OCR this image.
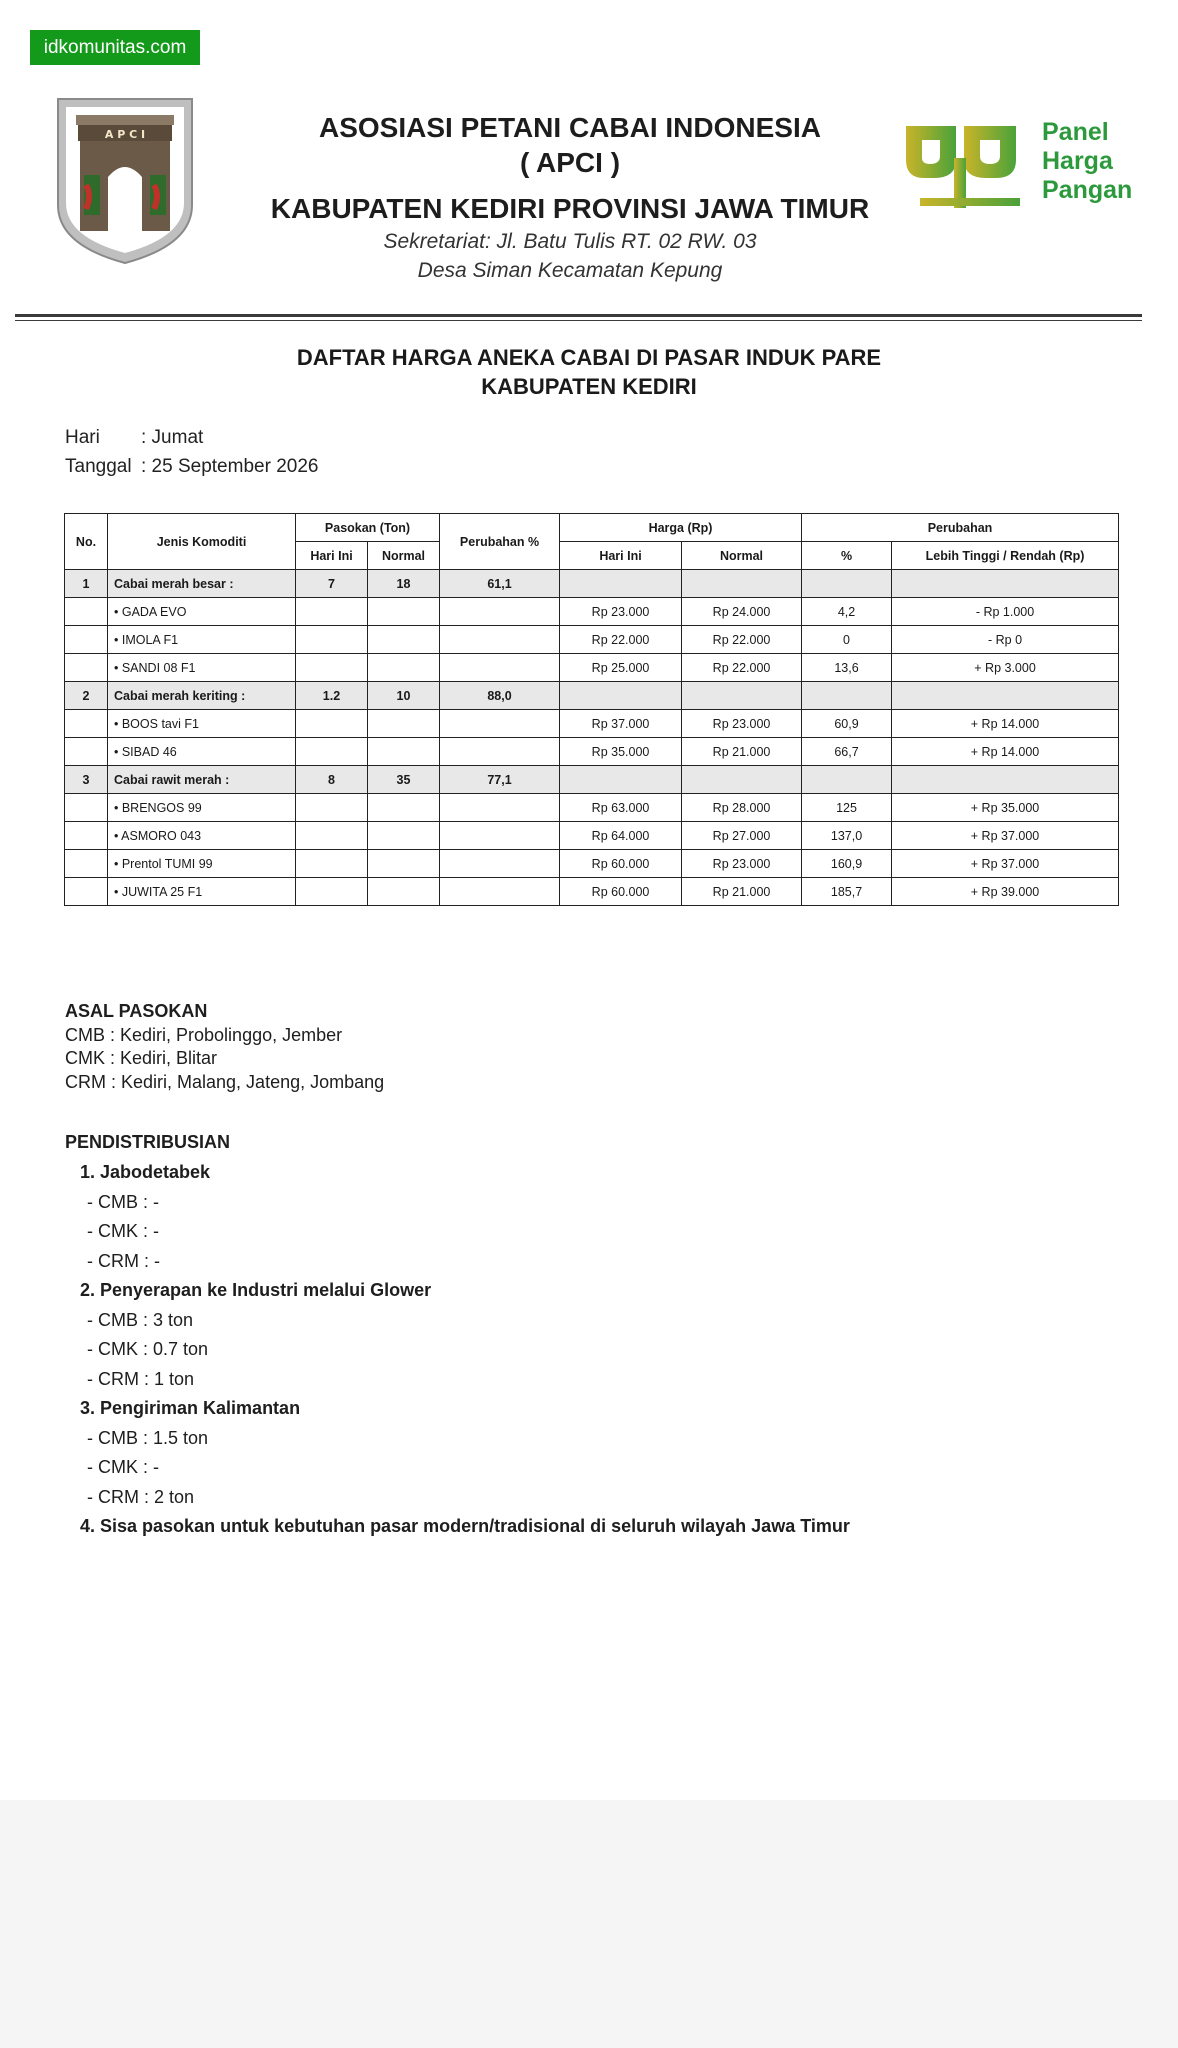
idkomunitas.com
A P C I	Panel
Harga
Pangan
ASOSIASI PETANI CABAI INDONESIA
( APCI )
KABUPATEN KEDIRI PROVINSI JAWA TIMUR
Sekretariat: Jl. Batu Tulis RT. 02 RW. 03
Desa Siman Kecamatan Kepung
DAFTAR HARGA ANEKA CABAI DI PASAR INDUK PARE
KABUPATEN KEDIRI
Hari : Jumat
Tanggal : 25 September 2026
No.	Jenis Komoditi	Pasokan (Ton)		Perubahan %	Harga (Rp)		Perubahan	
		Hari Ini	Normal		Hari Ini	Normal	%	Lebih Tinggi / Rendah (Rp)
1	Cabai merah besar :	7	18	61,1				
	• GADA EVO				Rp 23.000	Rp 24.000	4,2	- Rp 1.000
	• IMOLA F1				Rp 22.000	Rp 22.000	0	- Rp 0
	• SANDI 08 F1				Rp 25.000	Rp 22.000	13,6	+ Rp 3.000
2	Cabai merah keriting :	1.2	10	88,0				
	• BOOS tavi F1				Rp 37.000	Rp 23.000	60,9	+ Rp 14.000
	• SIBAD 46				Rp 35.000	Rp 21.000	66,7	+ Rp 14.000
3	Cabai rawit merah :	8	35	77,1				
	• BRENGOS 99				Rp 63.000	Rp 28.000	125	+ Rp 35.000
	• ASMORO 043				Rp 64.000	Rp 27.000	137,0	+ Rp 37.000
	• Prentol TUMI 99				Rp 60.000	Rp 23.000	160,9	+ Rp 37.000
	• JUWITA 25 F1				Rp 60.000	Rp 21.000	185,7	+ Rp 39.000
ASAL PASOKAN
CMB : Kediri, Probolinggo, Jember
CMK : Kediri, Blitar
CRM : Kediri, Malang, Jateng, Jombang
PENDISTRIBUSIAN
1. Jabodetabek
- CMB : -
- CMK : -
- CRM : -
2. Penyerapan ke Industri melalui Glower
- CMB : 3 ton
- CMK : 0.7 ton
- CRM : 1 ton
3. Pengiriman Kalimantan
- CMB : 1.5 ton
- CMK : -
- CRM : 2 ton
4. Sisa pasokan untuk kebutuhan pasar modern/tradisional di seluruh wilayah Jawa Timur
